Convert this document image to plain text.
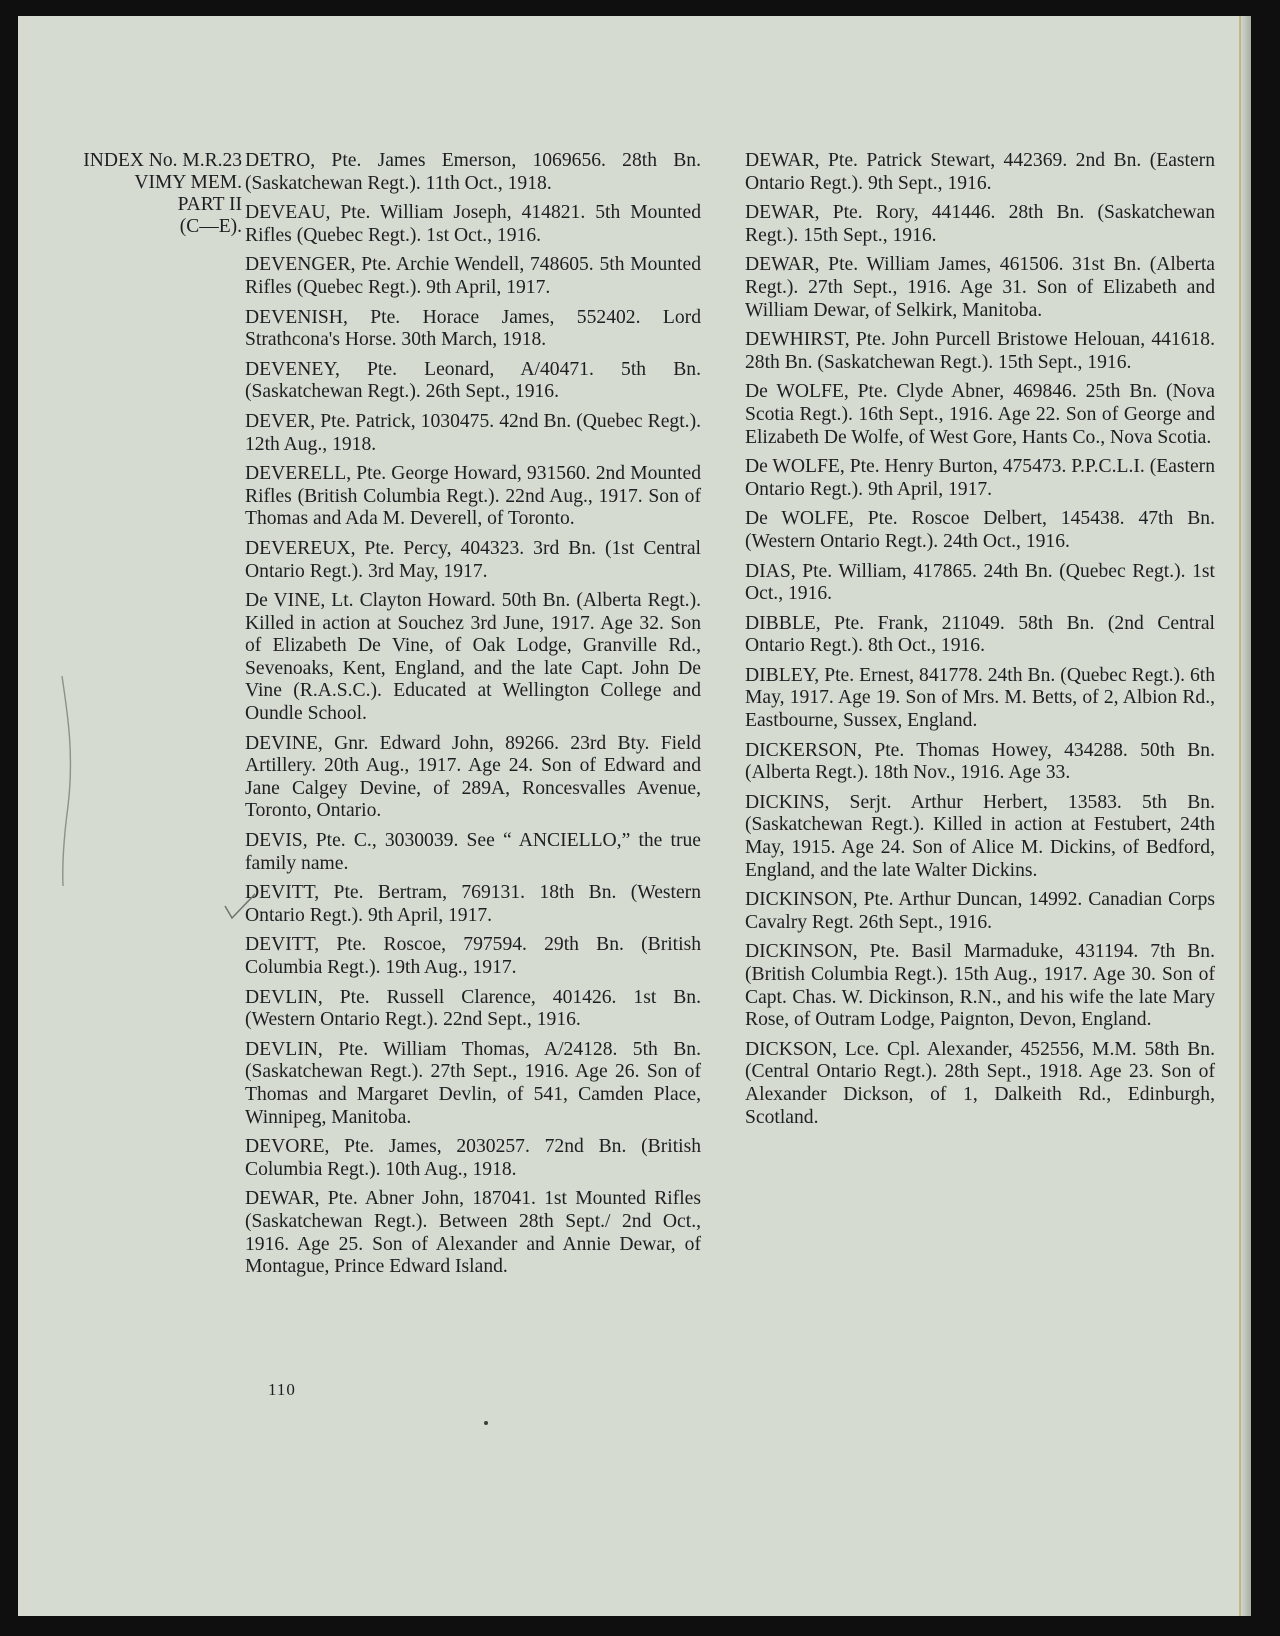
INDEX No. M.R.23
VIMY MEM.
PART II
(C—E).

DETRO, Pte. James Emerson, 1069656. 28th Bn. (Saskatchewan Regt.). 11th Oct., 1918.

DEVEAU, Pte. William Joseph, 414821. 5th Mounted Rifles (Quebec Regt.). 1st Oct., 1916.

DEVENGER, Pte. Archie Wendell, 748605. 5th Mounted Rifles (Quebec Regt.). 9th April, 1917.

DEVENISH, Pte. Horace James, 552402. Lord Strathcona's Horse. 30th March, 1918.

DEVENEY, Pte. Leonard, A/40471. 5th Bn. (Saskatchewan Regt.). 26th Sept., 1916.

DEVER, Pte. Patrick, 1030475. 42nd Bn. (Quebec Regt.). 12th Aug., 1918.

DEVERELL, Pte. George Howard, 931560. 2nd Mounted Rifles (British Columbia Regt.). 22nd Aug., 1917. Son of Thomas and Ada M. Deverell, of Toronto.

DEVEREUX, Pte. Percy, 404323. 3rd Bn. (1st Central Ontario Regt.). 3rd May, 1917.

De VINE, Lt. Clayton Howard. 50th Bn. (Alberta Regt.). Killed in action at Souchez 3rd June, 1917. Age 32. Son of Elizabeth De Vine, of Oak Lodge, Granville Rd., Sevenoaks, Kent, England, and the late Capt. John De Vine (R.A.S.C.). Educated at Wellington College and Oundle School.

DEVINE, Gnr. Edward John, 89266. 23rd Bty. Field Artillery. 20th Aug., 1917. Age 24. Son of Edward and Jane Calgey Devine, of 289A, Roncesvalles Avenue, Toronto, Ontario.

DEVIS, Pte. C., 3030039. See “ ANCIELLO,” the true family name.

DEVITT, Pte. Bertram, 769131. 18th Bn. (Western Ontario Regt.). 9th April, 1917.

DEVITT, Pte. Roscoe, 797594. 29th Bn. (British Columbia Regt.). 19th Aug., 1917.

DEVLIN, Pte. Russell Clarence, 401426. 1st Bn. (Western Ontario Regt.). 22nd Sept., 1916.

DEVLIN, Pte. William Thomas, A/24128. 5th Bn. (Saskatchewan Regt.). 27th Sept., 1916. Age 26. Son of Thomas and Margaret Devlin, of 541, Camden Place, Winnipeg, Manitoba.

DEVORE, Pte. James, 2030257. 72nd Bn. (British Columbia Regt.). 10th Aug., 1918.

DEWAR, Pte. Abner John, 187041. 1st Mounted Rifles (Saskatchewan Regt.). Between 28th Sept./ 2nd Oct., 1916. Age 25. Son of Alexander and Annie Dewar, of Montague, Prince Edward Island.

DEWAR, Pte. Patrick Stewart, 442369. 2nd Bn. (Eastern Ontario Regt.). 9th Sept., 1916.

DEWAR, Pte. Rory, 441446. 28th Bn. (Saskatchewan Regt.). 15th Sept., 1916.

DEWAR, Pte. William James, 461506. 31st Bn. (Alberta Regt.). 27th Sept., 1916. Age 31. Son of Elizabeth and William Dewar, of Selkirk, Manitoba.

DEWHIRST, Pte. John Purcell Bristowe Helouan, 441618. 28th Bn. (Saskatchewan Regt.). 15th Sept., 1916.

De WOLFE, Pte. Clyde Abner, 469846. 25th Bn. (Nova Scotia Regt.). 16th Sept., 1916. Age 22. Son of George and Elizabeth De Wolfe, of West Gore, Hants Co., Nova Scotia.

De WOLFE, Pte. Henry Burton, 475473. P.P.C.L.I. (Eastern Ontario Regt.). 9th April, 1917.

De WOLFE, Pte. Roscoe Delbert, 145438. 47th Bn. (Western Ontario Regt.). 24th Oct., 1916.

DIAS, Pte. William, 417865. 24th Bn. (Quebec Regt.). 1st Oct., 1916.

DIBBLE, Pte. Frank, 211049. 58th Bn. (2nd Central Ontario Regt.). 8th Oct., 1916.

DIBLEY, Pte. Ernest, 841778. 24th Bn. (Quebec Regt.). 6th May, 1917. Age 19. Son of Mrs. M. Betts, of 2, Albion Rd., Eastbourne, Sussex, England.

DICKERSON, Pte. Thomas Howey, 434288. 50th Bn. (Alberta Regt.). 18th Nov., 1916. Age 33.

DICKINS, Serjt. Arthur Herbert, 13583. 5th Bn. (Saskatchewan Regt.). Killed in action at Festubert, 24th May, 1915. Age 24. Son of Alice M. Dickins, of Bedford, England, and the late Walter Dickins.

DICKINSON, Pte. Arthur Duncan, 14992. Canadian Corps Cavalry Regt. 26th Sept., 1916.

DICKINSON, Pte. Basil Marmaduke, 431194. 7th Bn. (British Columbia Regt.). 15th Aug., 1917. Age 30. Son of Capt. Chas. W. Dickinson, R.N., and his wife the late Mary Rose, of Outram Lodge, Paignton, Devon, England.

DICKSON, Lce. Cpl. Alexander, 452556, M.M. 58th Bn. (Central Ontario Regt.). 28th Sept., 1918. Age 23. Son of Alexander Dickson, of 1, Dalkeith Rd., Edinburgh, Scotland.

110
